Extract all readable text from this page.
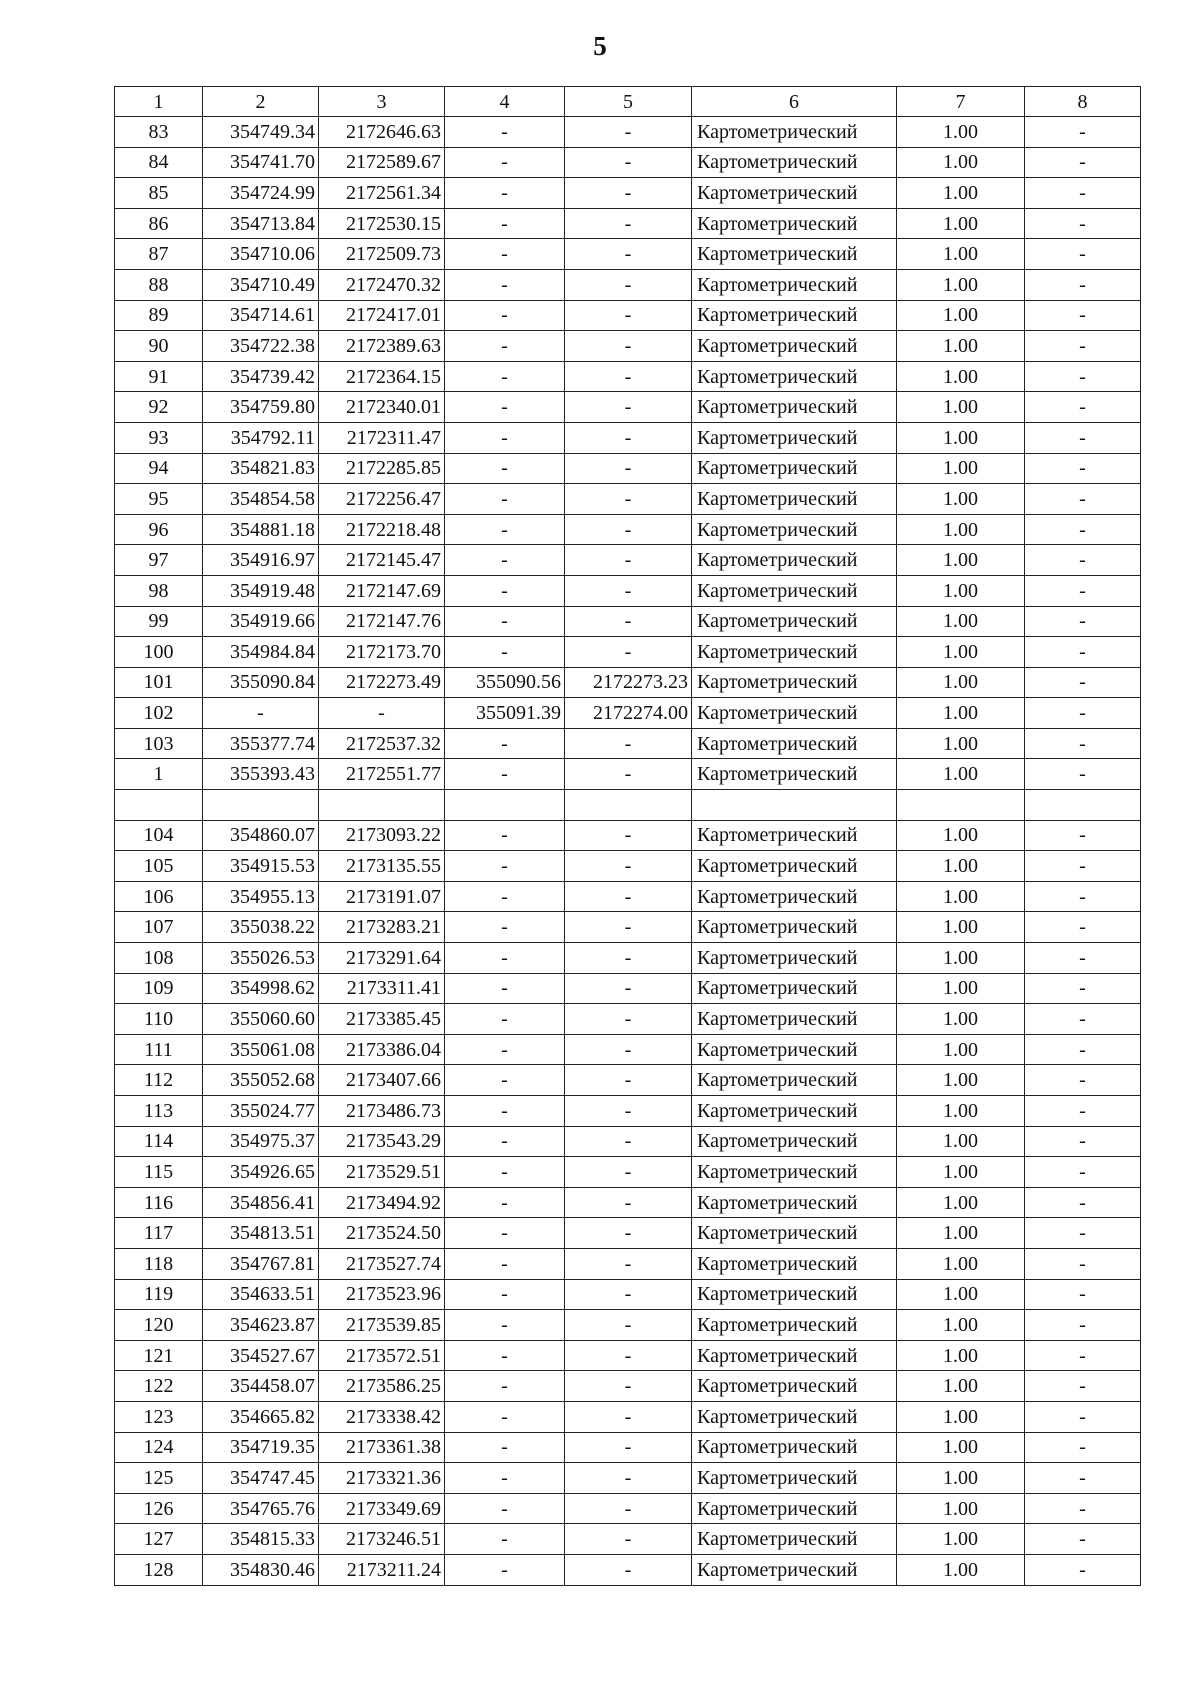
5
1	2	3	4	5	6	7	8
83	354749.34	2172646.63	-	-	Картометрический	1.00	-
84	354741.70	2172589.67	-	-	Картометрический	1.00	-
85	354724.99	2172561.34	-	-	Картометрический	1.00	-
86	354713.84	2172530.15	-	-	Картометрический	1.00	-
87	354710.06	2172509.73	-	-	Картометрический	1.00	-
88	354710.49	2172470.32	-	-	Картометрический	1.00	-
89	354714.61	2172417.01	-	-	Картометрический	1.00	-
90	354722.38	2172389.63	-	-	Картометрический	1.00	-
91	354739.42	2172364.15	-	-	Картометрический	1.00	-
92	354759.80	2172340.01	-	-	Картометрический	1.00	-
93	354792.11	2172311.47	-	-	Картометрический	1.00	-
94	354821.83	2172285.85	-	-	Картометрический	1.00	-
95	354854.58	2172256.47	-	-	Картометрический	1.00	-
96	354881.18	2172218.48	-	-	Картометрический	1.00	-
97	354916.97	2172145.47	-	-	Картометрический	1.00	-
98	354919.48	2172147.69	-	-	Картометрический	1.00	-
99	354919.66	2172147.76	-	-	Картометрический	1.00	-
100	354984.84	2172173.70	-	-	Картометрический	1.00	-
101	355090.84	2172273.49	355090.56	2172273.23	Картометрический	1.00	-
102	-	-	355091.39	2172274.00	Картометрический	1.00	-
103	355377.74	2172537.32	-	-	Картометрический	1.00	-
1	355393.43	2172551.77	-	-	Картометрический	1.00	-

104	354860.07	2173093.22	-	-	Картометрический	1.00	-
105	354915.53	2173135.55	-	-	Картометрический	1.00	-
106	354955.13	2173191.07	-	-	Картометрический	1.00	-
107	355038.22	2173283.21	-	-	Картометрический	1.00	-
108	355026.53	2173291.64	-	-	Картометрический	1.00	-
109	354998.62	2173311.41	-	-	Картометрический	1.00	-
110	355060.60	2173385.45	-	-	Картометрический	1.00	-
111	355061.08	2173386.04	-	-	Картометрический	1.00	-
112	355052.68	2173407.66	-	-	Картометрический	1.00	-
113	355024.77	2173486.73	-	-	Картометрический	1.00	-
114	354975.37	2173543.29	-	-	Картометрический	1.00	-
115	354926.65	2173529.51	-	-	Картометрический	1.00	-
116	354856.41	2173494.92	-	-	Картометрический	1.00	-
117	354813.51	2173524.50	-	-	Картометрический	1.00	-
118	354767.81	2173527.74	-	-	Картометрический	1.00	-
119	354633.51	2173523.96	-	-	Картометрический	1.00	-
120	354623.87	2173539.85	-	-	Картометрический	1.00	-
121	354527.67	2173572.51	-	-	Картометрический	1.00	-
122	354458.07	2173586.25	-	-	Картометрический	1.00	-
123	354665.82	2173338.42	-	-	Картометрический	1.00	-
124	354719.35	2173361.38	-	-	Картометрический	1.00	-
125	354747.45	2173321.36	-	-	Картометрический	1.00	-
126	354765.76	2173349.69	-	-	Картометрический	1.00	-
127	354815.33	2173246.51	-	-	Картометрический	1.00	-
128	354830.46	2173211.24	-	-	Картометрический	1.00	-
